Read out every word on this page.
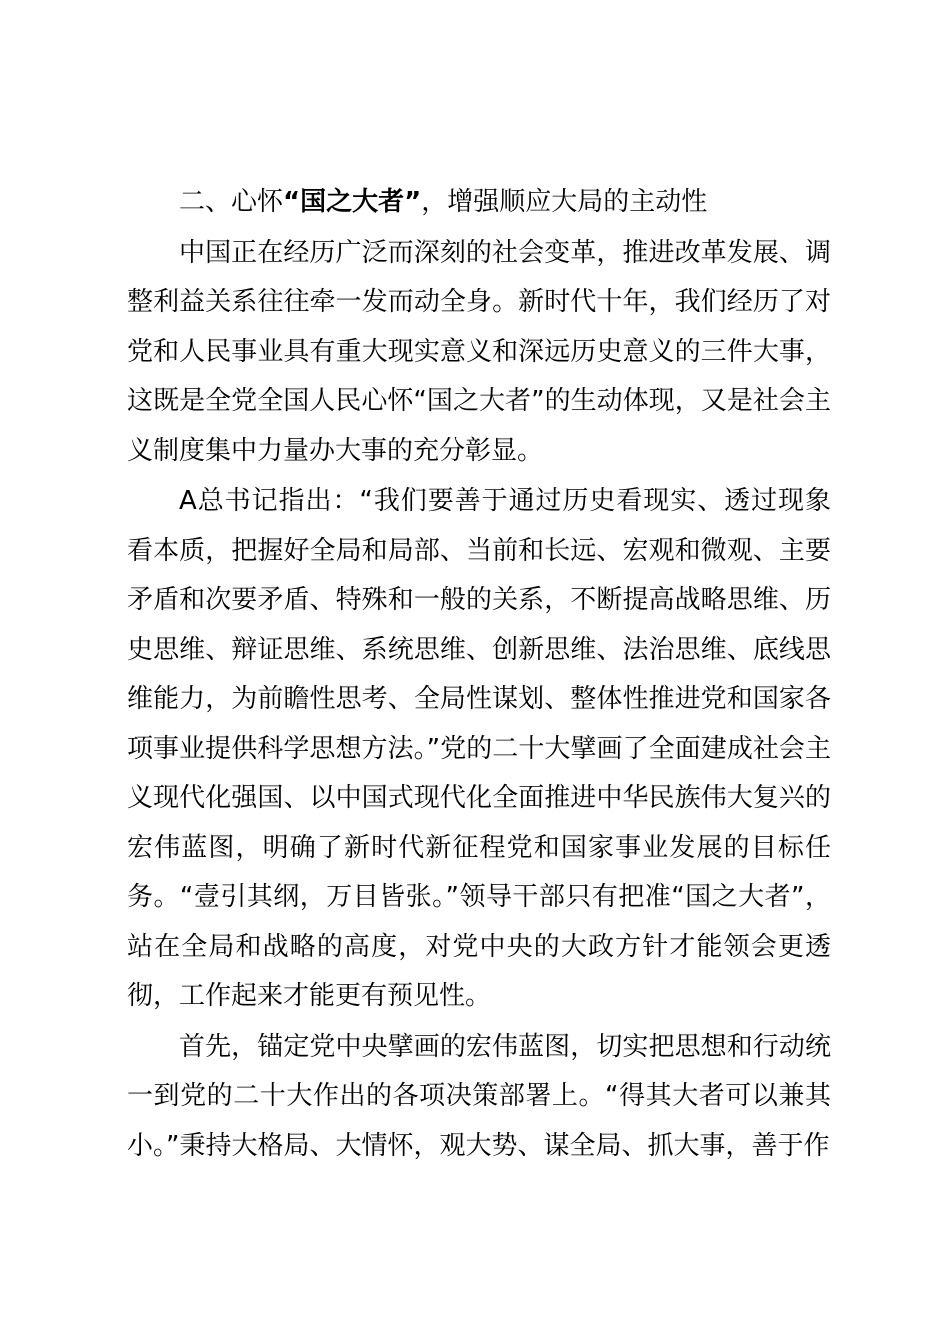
二、心怀“国之大者”，增强顺应大局的主动性

中国正在经历广泛而深刻的社会变革，推进改革发展、调整利益关系往往牵一发而动全身。新时代十年，我们经历了对党和人民事业具有重大现实意义和深远历史意义的三件大事，这既是全党全国人民心怀“国之大者”的生动体现，又是社会主义制度集中力量办大事的充分彰显。

A总书记指出：“我们要善于通过历史看现实、透过现象看本质，把握好全局和局部、当前和长远、宏观和微观、主要矛盾和次要矛盾、特殊和一般的关系，不断提高战略思维、历史思维、辩证思维、系统思维、创新思维、法治思维、底线思维能力，为前瞻性思考、全局性谋划、整体性推进党和国家各项事业提供科学思想方法。”党的二十大擘画了全面建成社会主义现代化强国、以中国式现代化全面推进中华民族伟大复兴的宏伟蓝图，明确了新时代新征程党和国家事业发展的目标任务。“壹引其纲，万目皆张。”领导干部只有把准“国之大者”，站在全局和战略的高度，对党中央的大政方针才能领会更透彻，工作起来才能更有预见性。

首先，锚定党中央擘画的宏伟蓝图，切实把思想和行动统一到党的二十大作出的各项决策部署上。“得其大者可以兼其小。”秉持大格局、大情怀，观大势、谋全局、抓大事，善于作
